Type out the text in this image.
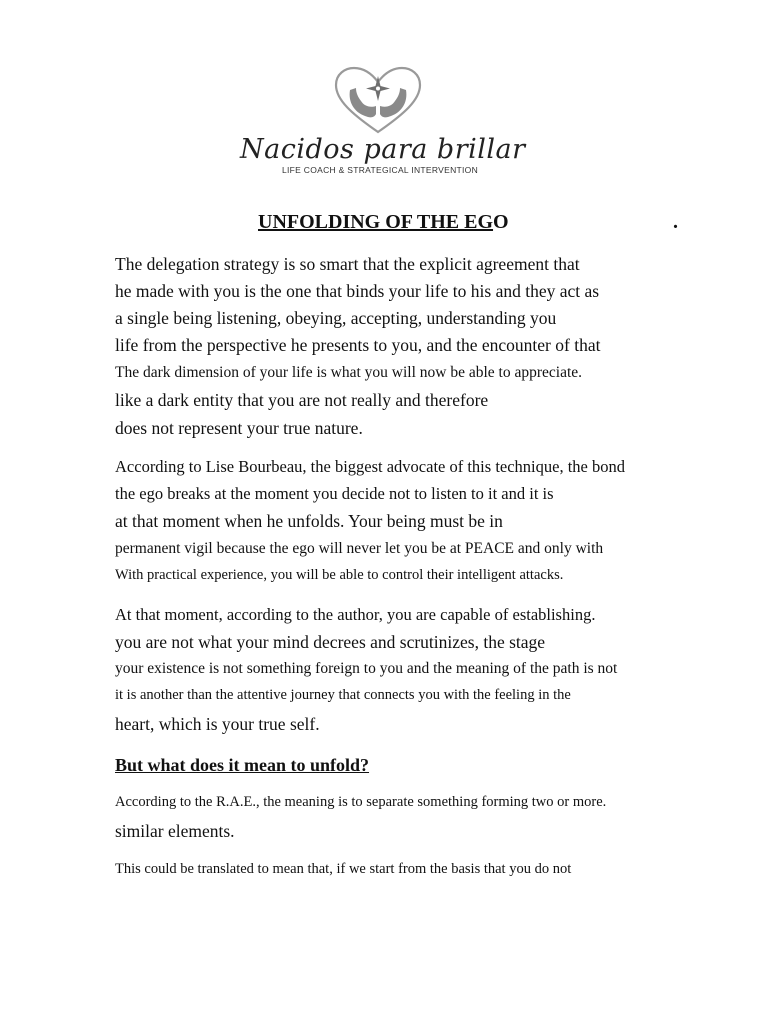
Nacidos para brillar
LIFE COACH & STRATEGICAL INTERVENTION
UNFOLDING OF THE EGO	.
The delegation strategy is so smart that the explicit agreement that
he made with you is the one that binds your life to his and they act as
a single being listening, obeying, accepting, understanding you
life from the perspective he presents to you, and the encounter of that
The dark dimension of your life is what you will now be able to appreciate.
like a dark entity that you are not really and therefore
does not represent your true nature.
According to Lise Bourbeau, the biggest advocate of this technique, the bond
the ego breaks at the moment you decide not to listen to it and it is
at that moment when he unfolds. Your being must be in
permanent vigil because the ego will never let you be at PEACE and only with
With practical experience, you will be able to control their intelligent attacks.
At that moment, according to the author, you are capable of establishing.
you are not what your mind decrees and scrutinizes, the stage
your existence is not something foreign to you and the meaning of the path is not
it is another than the attentive journey that connects you with the feeling in the
heart, which is your true self.
But what does it mean to unfold?
According to the R.A.E., the meaning is to separate something forming two or more.
similar elements.
This could be translated to mean that, if we start from the basis that you do not
